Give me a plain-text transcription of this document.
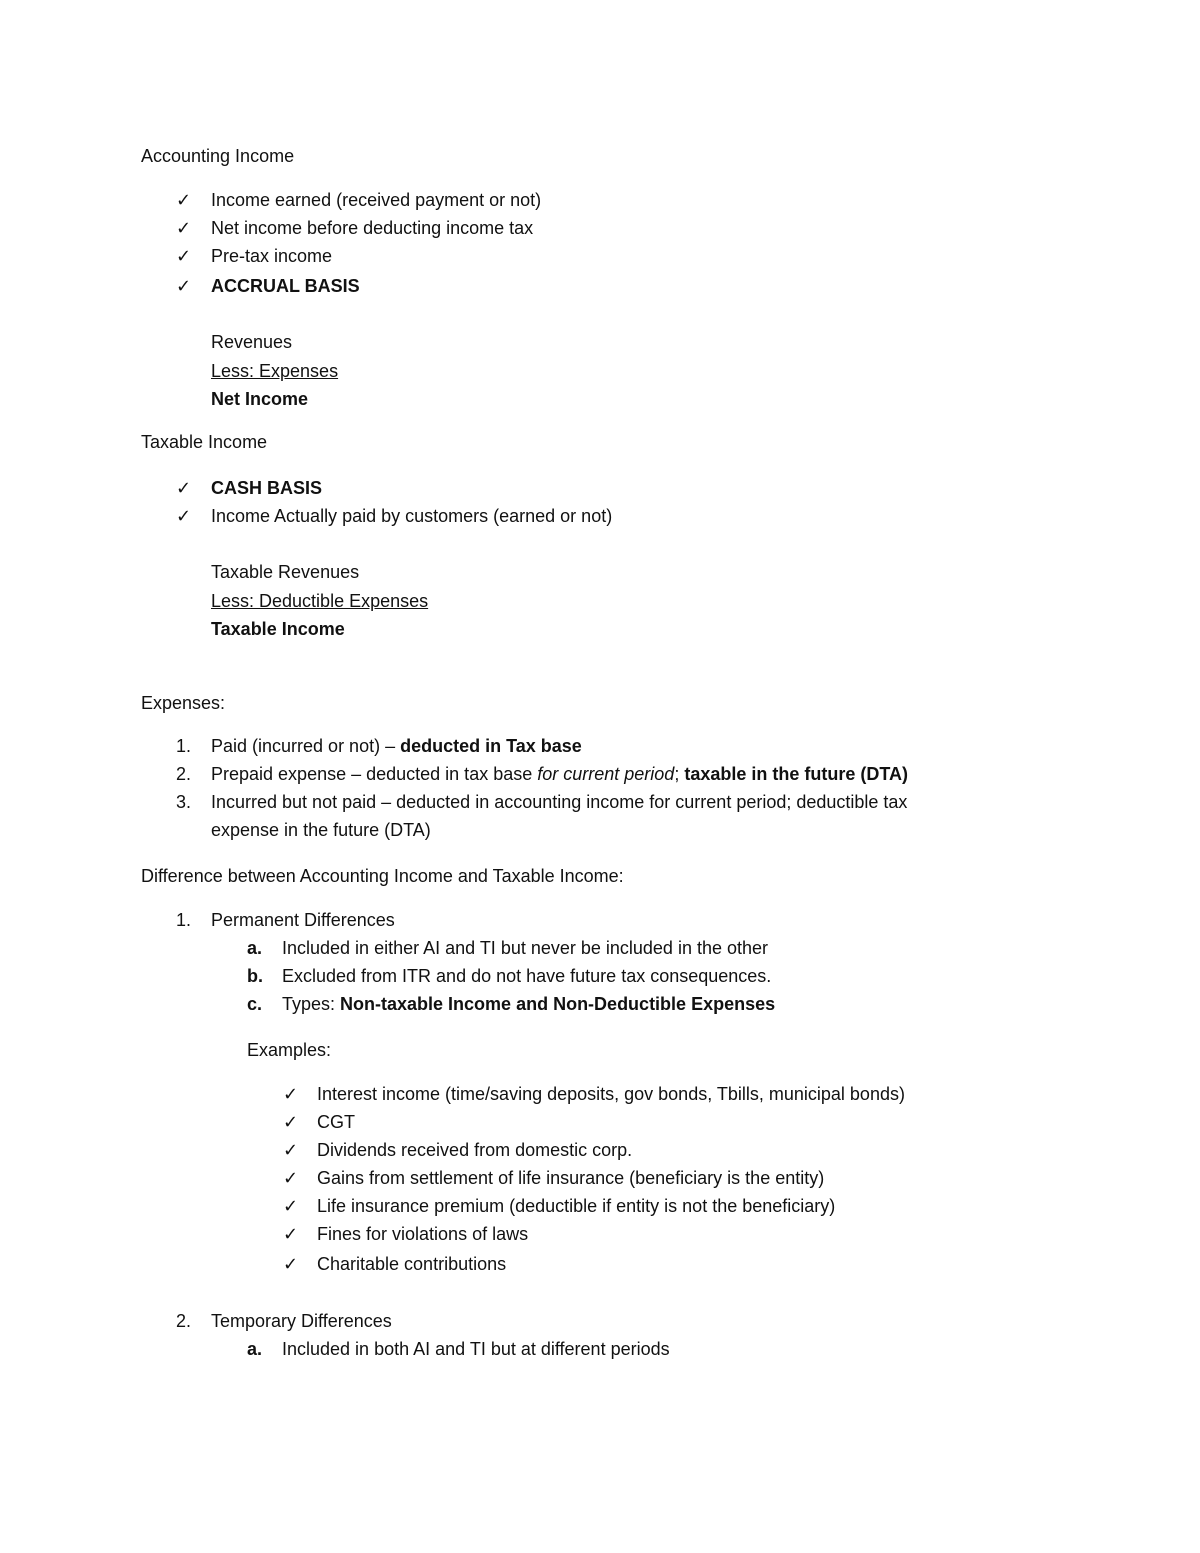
Accounting Income
✓ Income earned (received payment or not)
✓ Net income before deducting income tax
✓ Pre-tax income
✓ ACCRUAL BASIS
Revenues
Less: Expenses
Net Income
Taxable Income
✓ CASH BASIS
✓ Income Actually paid by customers (earned or not)
Taxable Revenues
Less: Deductible Expenses
Taxable Income
Expenses:
1. Paid (incurred or not) – deducted in Tax base
2. Prepaid expense – deducted in tax base for current period; taxable in the future (DTA)
3. Incurred but not paid – deducted in accounting income for current period; deductible tax
expense in the future (DTA)
Difference between Accounting Income and Taxable Income:
1. Permanent Differences
a. Included in either AI and TI but never be included in the other
b. Excluded from ITR and do not have future tax consequences.
c. Types: Non-taxable Income and Non-Deductible Expenses
Examples:
✓ Interest income (time/saving deposits, gov bonds, Tbills, municipal bonds)
✓ CGT
✓ Dividends received from domestic corp.
✓ Gains from settlement of life insurance (beneficiary is the entity)
✓ Life insurance premium (deductible if entity is not the beneficiary)
✓ Fines for violations of laws
✓ Charitable contributions
2. Temporary Differences
a. Included in both AI and TI but at different periods
